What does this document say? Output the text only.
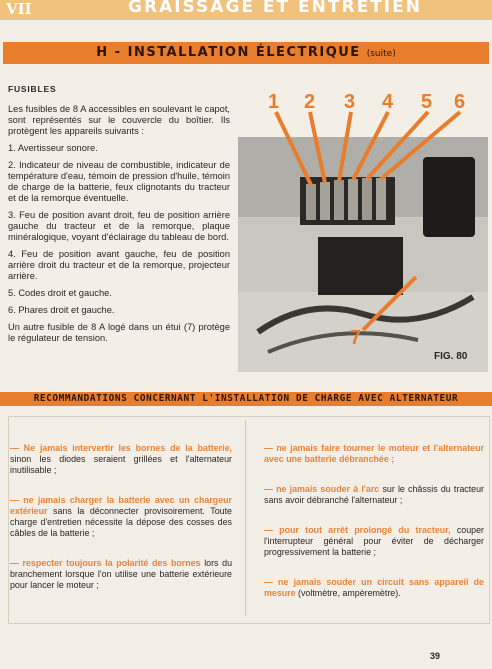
VII	GRAISSAGE ET ENTRETIEN
H - INSTALLATION ÉLECTRIQUE (suite)

FUSIBLES

Les fusibles de 8 A accessibles en soulevant le capot, sont représentés sur le couvercle du boîtier. Ils protègent les appareils suivants :

1. Avertisseur sonore.

2. Indicateur de niveau de combustible, indicateur de température d'eau, témoin de pression d'huile, témoin de charge de la batterie, feux clignotants du tracteur et de la remorque éventuelle.

3. Feu de position avant droit, feu de position arrière gauche du tracteur et de la remorque, plaque minéralogique, voyant d'éclairage du tableau de bord.

4. Feu de position avant gauche, feu de position arrière droit du tracteur et de la remorque, projecteur arrière.

5. Codes droit et gauche.

6. Phares droit et gauche.

Un autre fusible de 8 A logé dans un étui (7) protège le régulateur de tension.

1 2 3 4 5 6
7
FIG. 80
RECOMMANDATIONS CONCERNANT L'INSTALLATION DE CHARGE AVEC ALTERNATEUR

— Ne jamais intervertir les bornes de la batterie, sinon les diodes seraient grillées et l'alternateur inutilisable ;

— ne jamais charger la batterie avec un chargeur extérieur sans la déconnecter provisoirement. Toute charge d'entretien nécessite la dépose des cosses des câbles de la batterie ;

— respecter toujours la polarité des bornes lors du branchement lorsque l'on utilise une batterie extérieure pour lancer le moteur ;

— ne jamais faire tourner le moteur et l'alternateur avec une batterie débranchée ;

— ne jamais souder à l'arc sur le châssis du tracteur sans avoir débranché l'alternateur ;

— pour tout arrêt prolongé du tracteur, couper l'interrupteur général pour éviter de décharger progressivement la batterie ;

— ne jamais souder un circuit sans appareil de mesure (voltmètre, ampèremètre).

39
